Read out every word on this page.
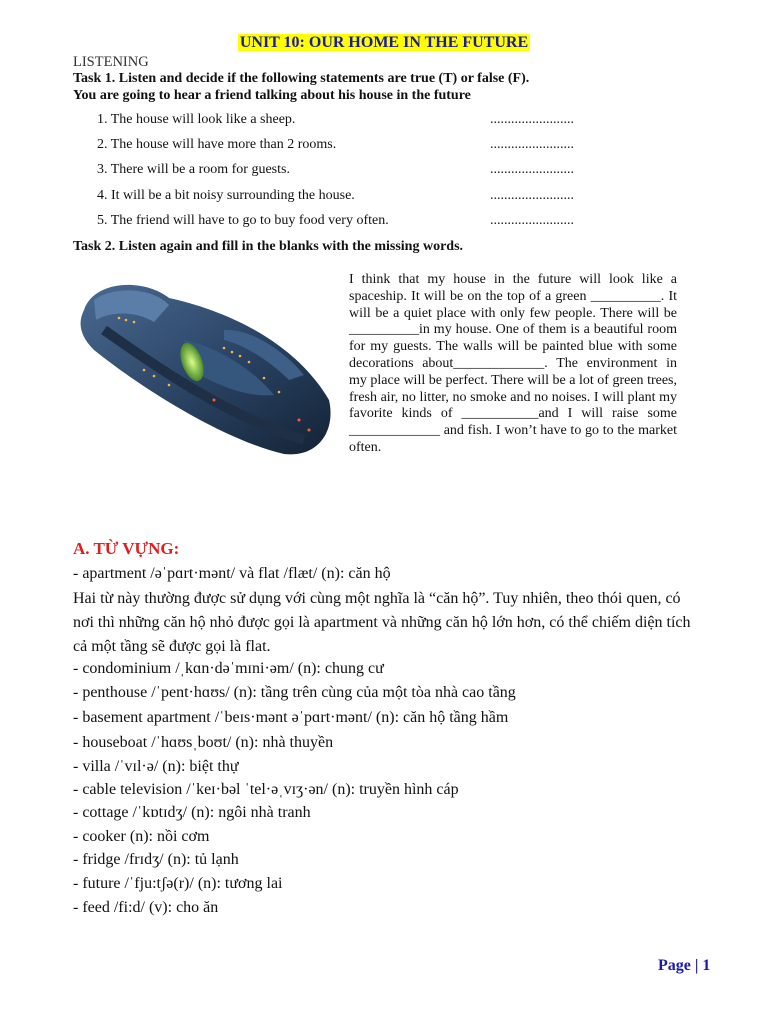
UNIT 10: OUR HOME IN THE FUTURE
LISTENING
Task 1. Listen and decide if the following statements are true (T) or false (F).
You are going to hear a friend talking about his house in the future
1. The house will look like a sheep.	........................
2. The house will have more than 2 rooms.	........................
3. There will be a room for guests.	........................
4. It will be a bit noisy surrounding the house.	........................
5. The friend will have to go to buy food very often.	........................
Task 2. Listen again and fill in the blanks with the missing words.
I think that my house in the future will look like a spaceship. It will be on the top of a green __________. It will be a quiet place with only few people. There will be __________in my house. One of them is a beautiful room for my guests. The walls will be painted blue with some decorations about_____________. The environment in my place will be perfect. There will be a lot of green trees, fresh air, no litter, no smoke and no noises. I will plant my favorite kinds of ___________and I will raise some _____________ and fish. I won’t have to go to the market often.
A. TỪ VỰNG:
- apartment /əˈpɑrt·mənt/ và flat /flæt/ (n): căn hộ
Hai từ này thường được sử dụng với cùng một nghĩa là “căn hộ”. Tuy nhiên, theo thói quen, có nơi thì những căn hộ nhỏ được gọi là apartment và những căn hộ lớn hơn, có thể chiếm diện tích cả một tầng sẽ được gọi là flat.
- condominium /ˌkɑn·dəˈmɪni·əm/ (n): chung cư
- penthouse /ˈpent·hɑʊs/ (n): tầng trên cùng của một tòa nhà cao tầng
- basement apartment /ˈbeɪs·mənt əˈpɑrt·mənt/ (n): căn hộ tầng hầm
- houseboat /ˈhɑʊsˌboʊt/ (n): nhà thuyền
- villa /ˈvɪl·ə/ (n): biệt thự
- cable television /ˈkeɪ·bəl ˈtel·əˌvɪʒ·ən/ (n): truyền hình cáp
- cottage /ˈkɒtɪdʒ/ (n): ngôi nhà tranh
- cooker (n): nồi cơm
- fridge /frɪdʒ/ (n): tủ lạnh
- future /ˈfju:tʃə(r)/ (n): tương lai
- feed /fi:d/ (v): cho ăn
Page | 1
